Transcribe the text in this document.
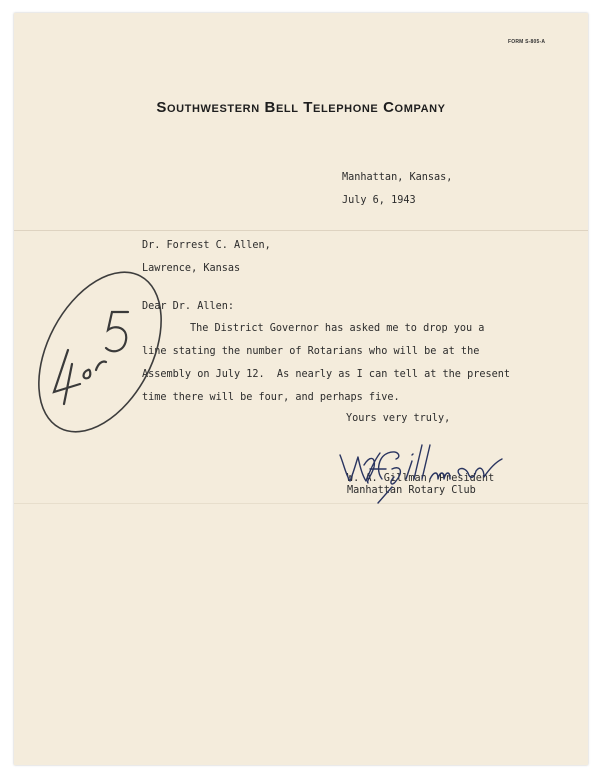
FORM S-805-A
Southwestern Bell Telephone Company
Manhattan, Kansas,
July 6, 1943
Dr. Forrest C. Allen,
Lawrence, Kansas
Dear Dr. Allen:
The District Governor has asked me to drop you a
line stating the number of Rotarians who will be at the
Assembly on July 12.  As nearly as I can tell at the present
time there will be four, and perhaps five.
Yours very truly,
W. A. Gillman, President
Manhattan Rotary Club
